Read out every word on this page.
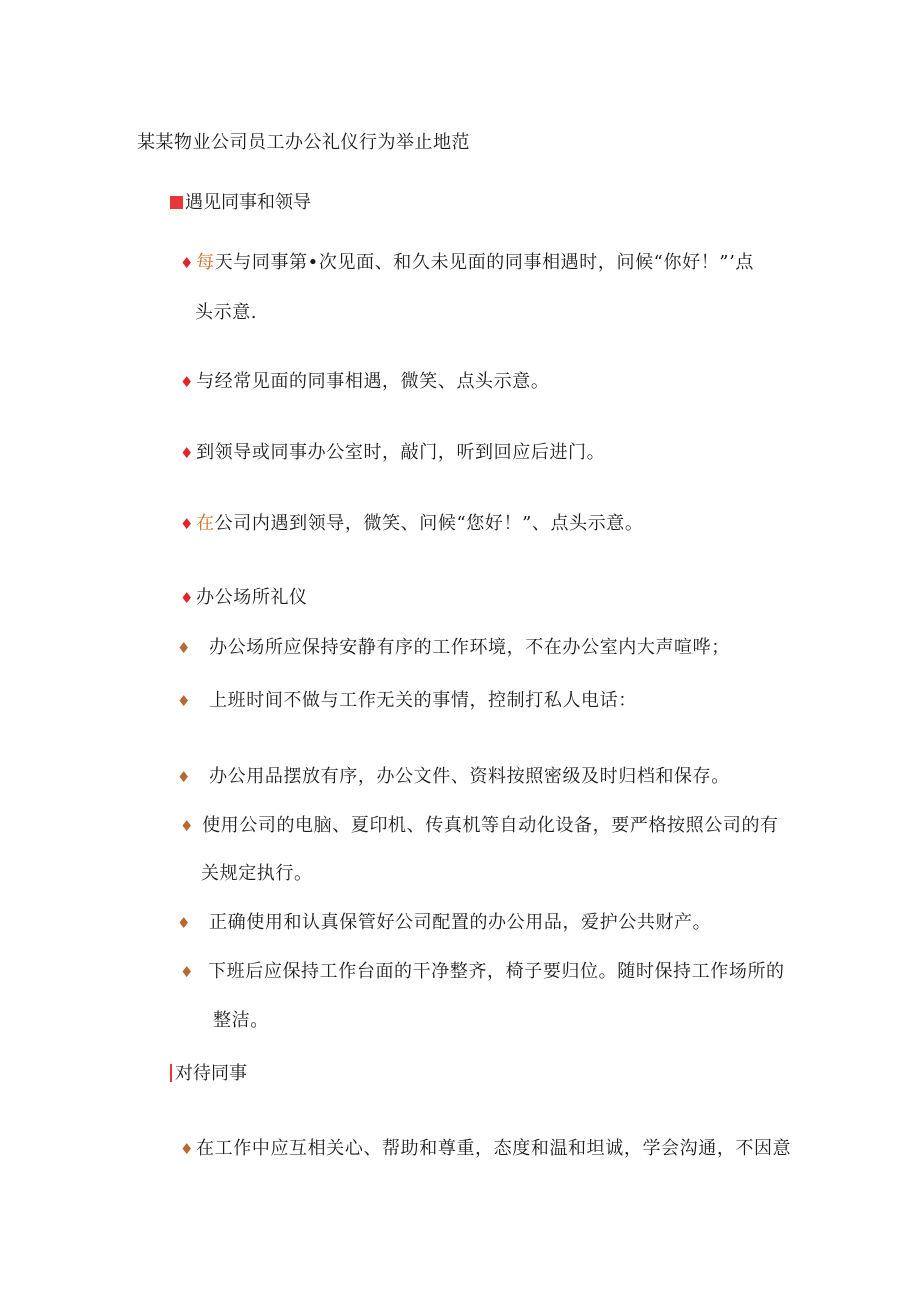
某某物业公司员工办公礼仪行为举止地范
遇见同事和领导
♦ 每天与同事第•次见面、和久未见面的同事相遇时，问候“你好！”’点
头示意.
♦ 与经常见面的同事相遇，微笑、点头示意。
♦ 到领导或同事办公室时，敲门，听到回应后进门。
♦ 在公司内遇到领导，微笑、问候“您好！”、点头示意。
♦ 办公场所礼仪
♦ 办公场所应保持安静有序的工作环境，不在办公室内大声喧哗；
♦ 上班时间不做与工作无关的事情，控制打私人电话：
♦ 办公用品摆放有序，办公文件、资料按照密级及时归档和保存。
♦ 使用公司的电脑、夏印机、传真机等自动化设备，要严格按照公司的有
关规定执行。
♦ 正确使用和认真保管好公司配置的办公用品，爱护公共财产。
♦ 下班后应保持工作台面的干净整齐，椅子要归位。随时保持工作场所的
整洁。
对待同事
♦ 在工作中应互相关心、帮助和尊重，态度和温和坦诚，学会沟通，不因意
